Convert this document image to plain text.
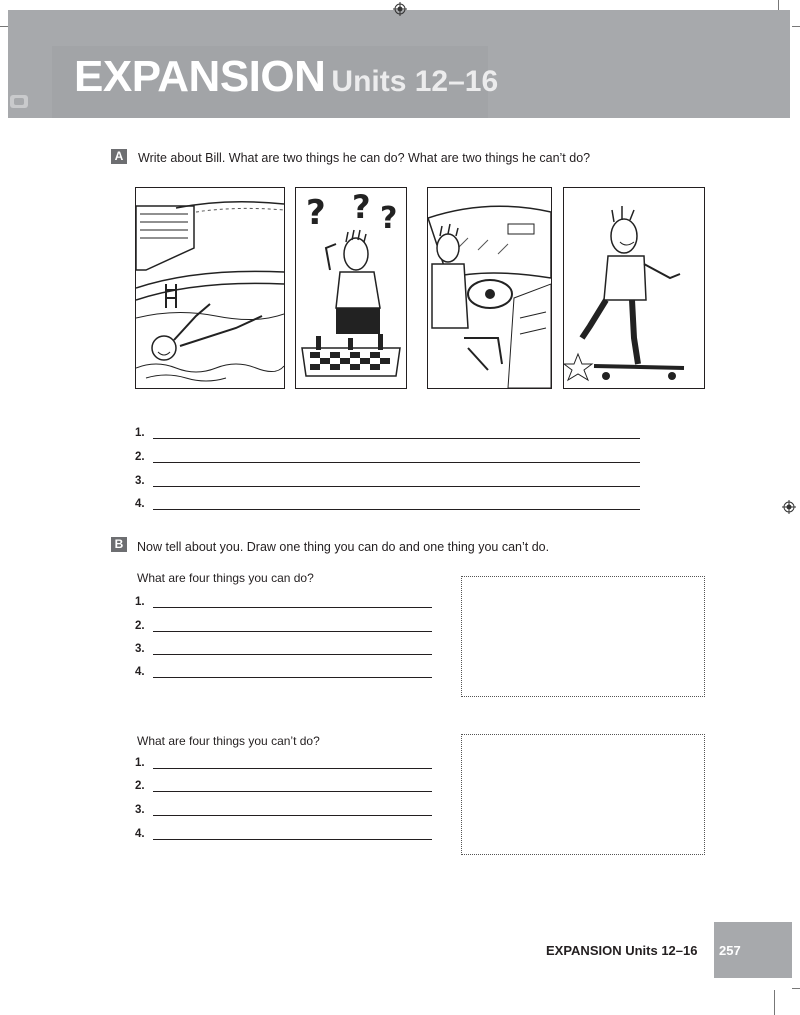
EXPANSION Units 12–16
A Write about Bill. What are two things he can do? What are two things he can’t do?
? ? ?
1.
2.
3.
4.
B Now tell about you. Draw one thing you can do and one thing you can’t do.
What are four things you can do?
1.
2.
3.
4.
What are four things you can’t do?
1.
2.
3.
4.
EXPANSION Units 12–16 257
